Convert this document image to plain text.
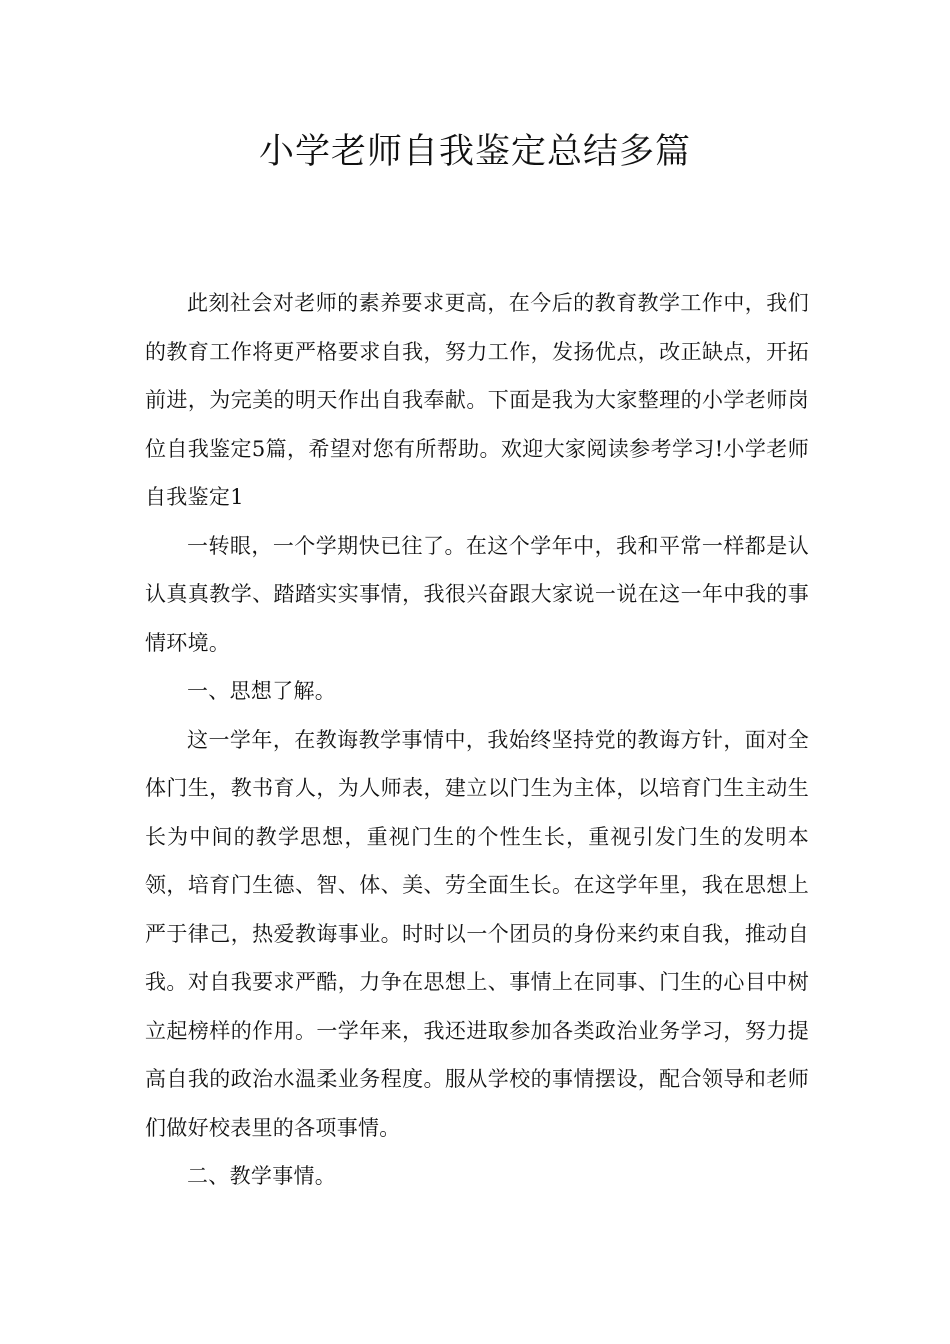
小学老师自我鉴定总结多篇

此刻社会对老师的素养要求更高，在今后的教育教学工作中，我们的教育工作将更严格要求自我，努力工作，发扬优点，改正缺点，开拓前进，为完美的明天作出自我奉献。下面是我为大家整理的小学老师岗位自我鉴定5篇，希望对您有所帮助。欢迎大家阅读参考学习!小学老师自我鉴定1

一转眼，一个学期快已往了。在这个学年中，我和平常一样都是认认真真教学、踏踏实实事情，我很兴奋跟大家说一说在这一年中我的事情环境。

一、思想了解。

这一学年，在教诲教学事情中，我始终坚持党的教诲方针，面对全体门生，教书育人，为人师表，建立以门生为主体，以培育门生主动生长为中间的教学思想，重视门生的个性生长，重视引发门生的发明本领，培育门生德、智、体、美、劳全面生长。在这学年里，我在思想上严于律己，热爱教诲事业。时时以一个团员的身份来约束自我，推动自我。对自我要求严酷，力争在思想上、事情上在同事、门生的心目中树立起榜样的作用。一学年来，我还进取参加各类政治业务学习，努力提高自我的政治水温柔业务程度。服从学校的事情摆设，配合领导和老师们做好校表里的各项事情。

二、教学事情。
